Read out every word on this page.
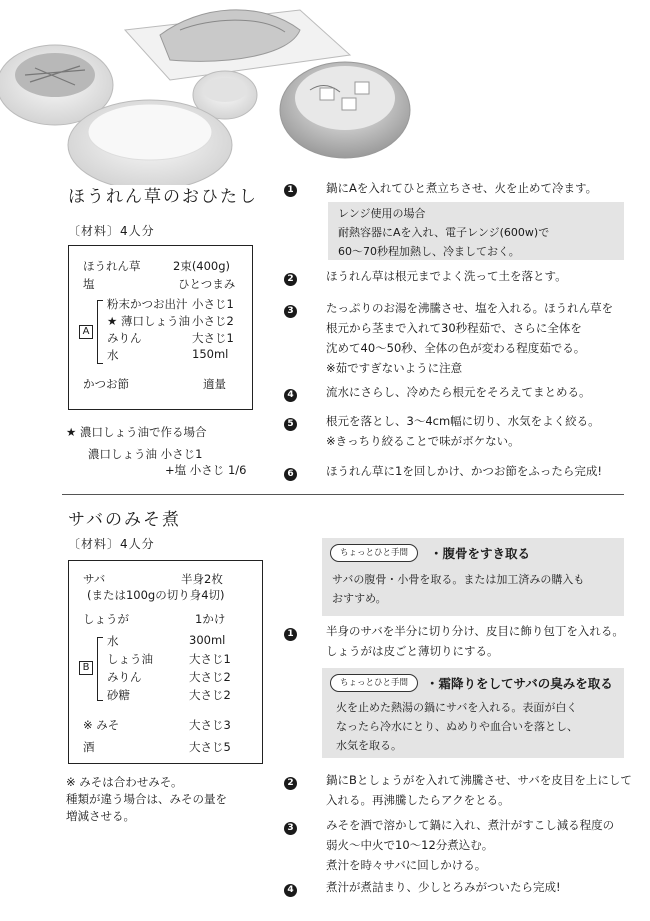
ほうれん草のおひたし
〔材料〕4人分
ほうれん草	2束(400g)
塩	ひとつまみ
A
粉末かつお出汁 小さじ1
★ 薄口しょう油 小さじ2
みりん	大さじ1
水	150ml
かつお節	適量
★ 濃口しょう油で作る場合
濃口しょう油 小さじ1
+塩 小さじ 1/6
1	鍋にAを入れてひと煮立ちさせ、火を止めて冷ます。
レンジ使用の場合
耐熱容器にAを入れ、電子レンジ(600w)で
60〜70秒程加熱し、冷ましておく。
2	ほうれん草は根元までよく洗って土を落とす。
3	たっぷりのお湯を沸騰させ、塩を入れる。ほうれん草を
根元から茎まで入れて30秒程茹で、さらに全体を
沈めて40〜50秒、全体の色が変わる程度茹でる。
※茹ですぎないように注意
4	流水にさらし、冷めたら根元をそろえてまとめる。
5	根元を落とし、3〜4cm幅に切り、水気をよく絞る。
※きっちり絞ることで味がボケない。
6	ほうれん草に1を回しかけ、かつお節をふったら完成!
サバのみそ煮
〔材料〕4人分
サバ	半身2枚
(または100gの切り身4切)
しょうが	1かけ
B
水	300ml
しょう油	大さじ1
みりん	大さじ2
砂糖	大さじ2
※ みそ	大さじ3
酒	大さじ5
※ みそは合わせみそ。
種類が違う場合は、みその量を
増減させる。
ちょっとひと手間	・腹骨をすき取る
サバの腹骨・小骨を取る。または加工済みの購入も
おすすめ。
1	半身のサバを半分に切り分け、皮目に飾り包丁を入れる。
しょうがは皮ごと薄切りにする。
ちょっとひと手間	・霜降りをしてサバの臭みを取る
火を止めた熱湯の鍋にサバを入れる。表面が白く
なったら冷水にとり、ぬめりや血合いを落とし、
水気を取る。
2	鍋にBとしょうがを入れて沸騰させ、サバを皮目を上にして
入れる。再沸騰したらアクをとる。
3	みそを酒で溶かして鍋に入れ、煮汁がすこし減る程度の
弱火〜中火で10〜12分煮込む。
煮汁を時々サバに回しかける。
4	煮汁が煮詰まり、少しとろみがついたら完成!
